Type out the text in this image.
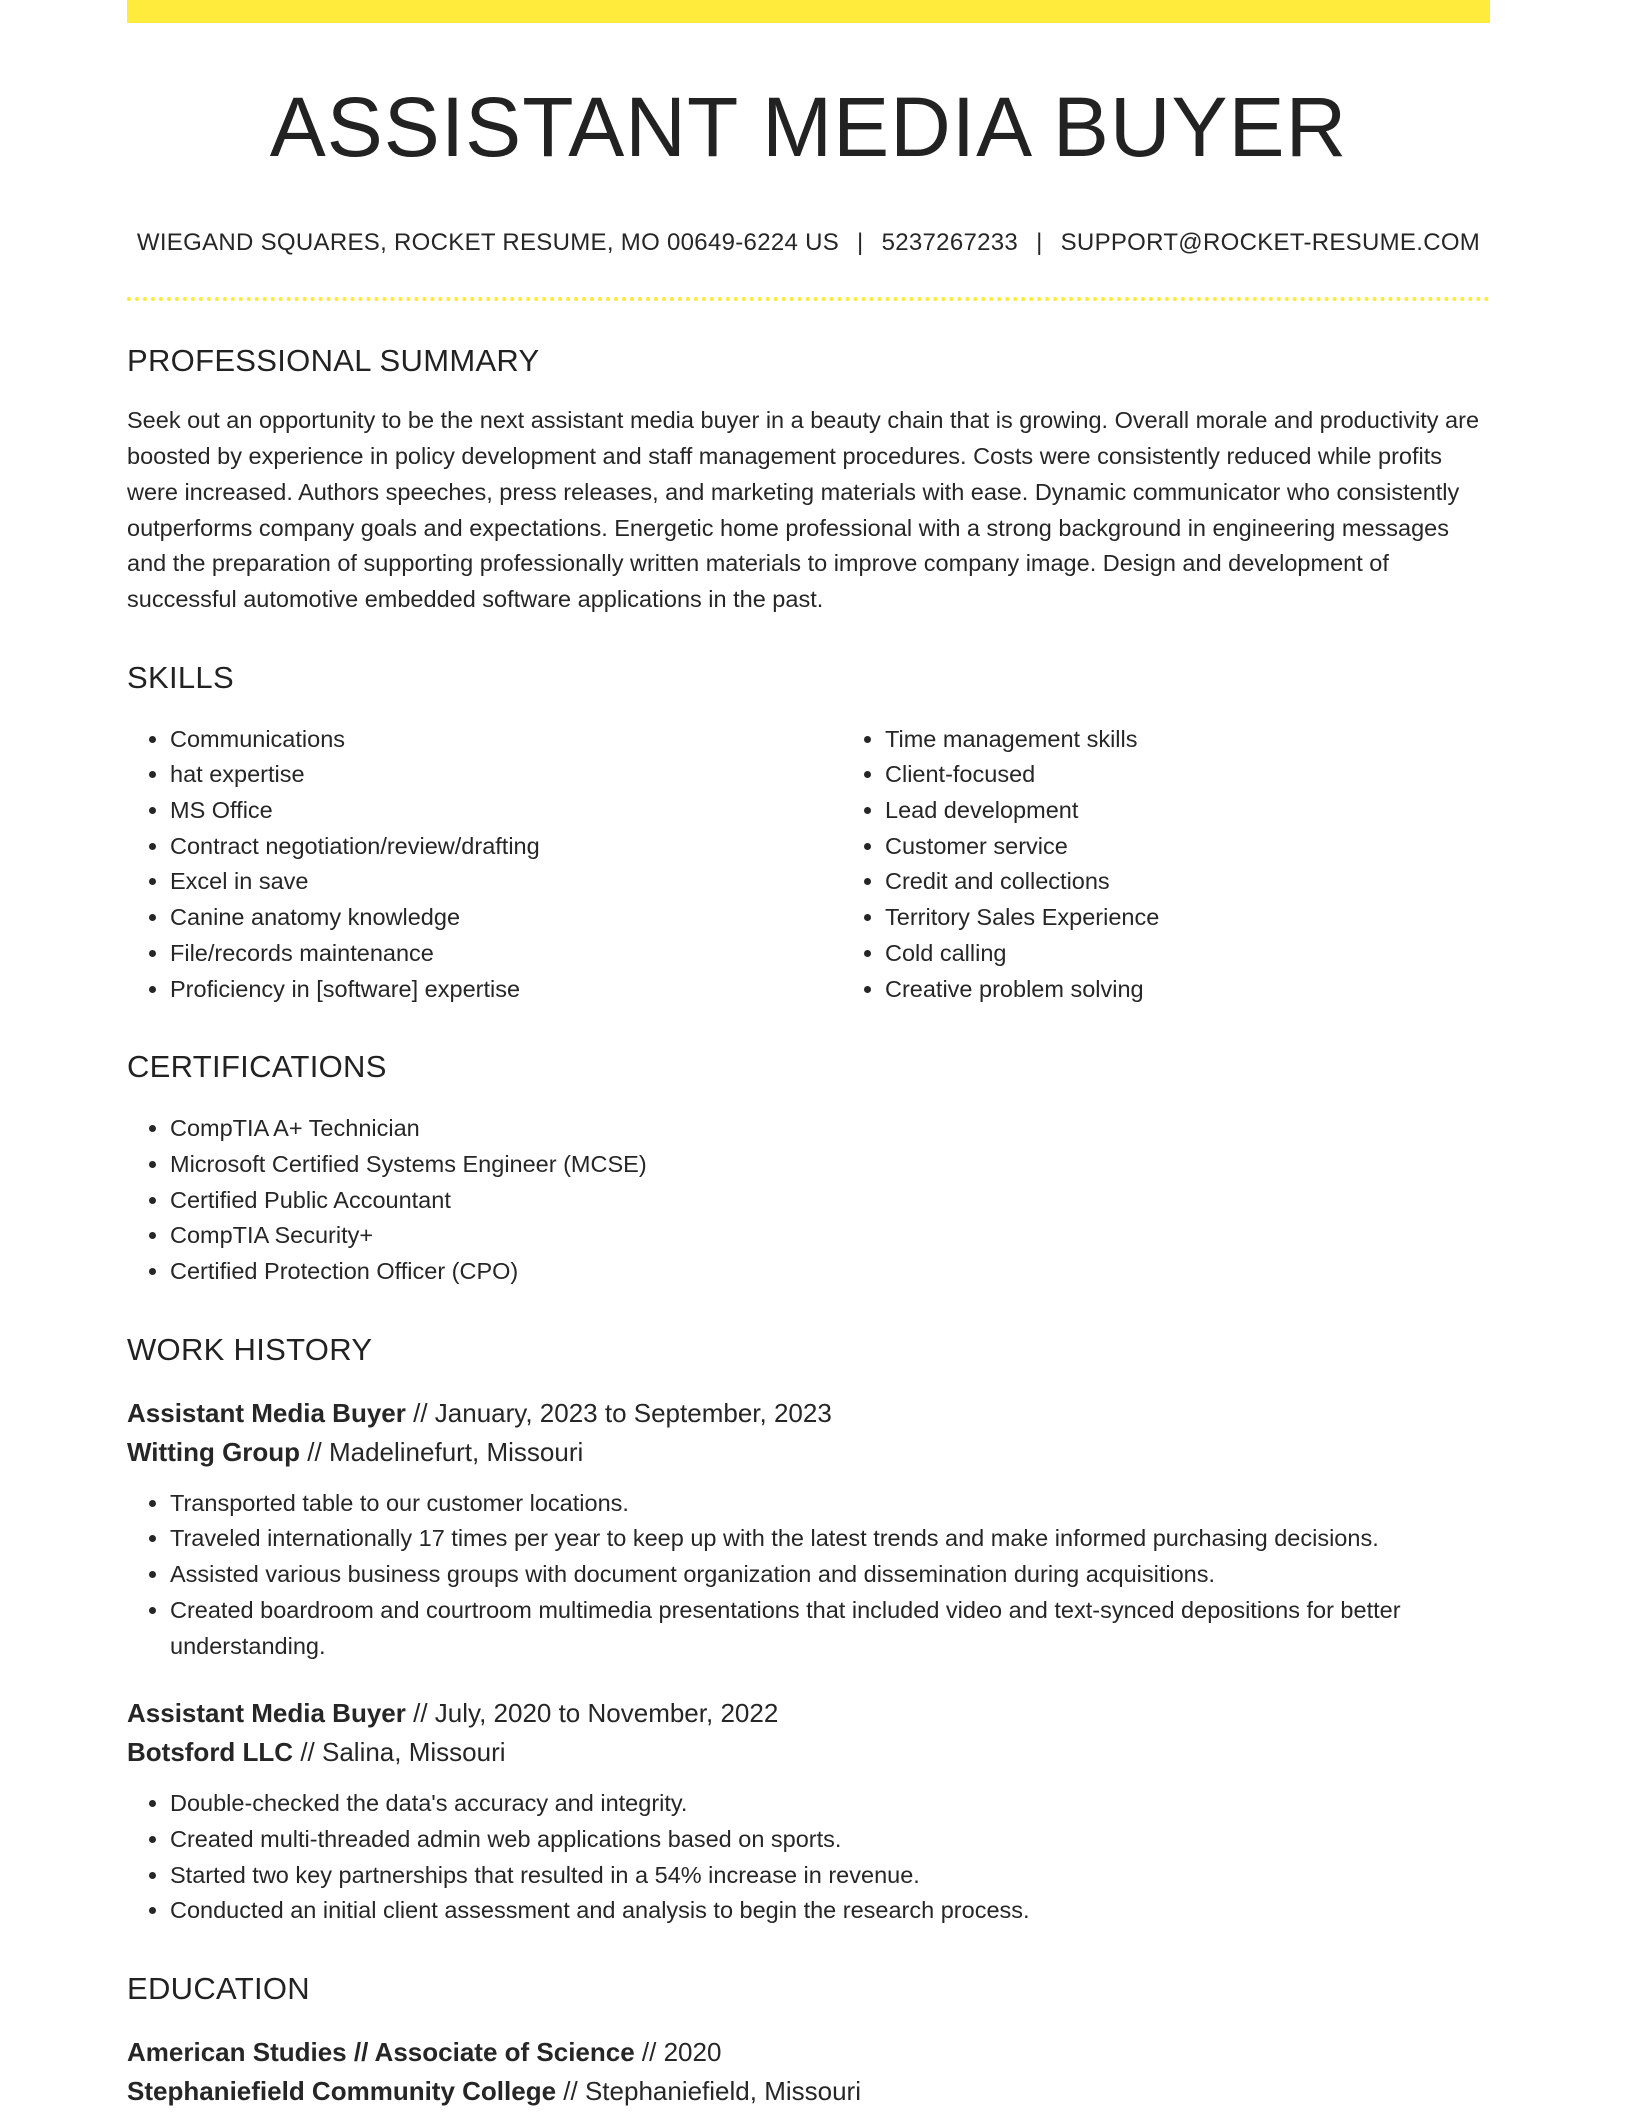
ASSISTANT MEDIA BUYER
WIEGAND SQUARES, ROCKET RESUME, MO 00649-6224 US | 5237267233 | SUPPORT@ROCKET-RESUME.COM
PROFESSIONAL SUMMARY
Seek out an opportunity to be the next assistant media buyer in a beauty chain that is growing. Overall morale and productivity are boosted by experience in policy development and staff management procedures. Costs were consistently reduced while profits were increased. Authors speeches, press releases, and marketing materials with ease. Dynamic communicator who consistently outperforms company goals and expectations. Energetic home professional with a strong background in engineering messages and the preparation of supporting professionally written materials to improve company image. Design and development of successful automotive embedded software applications in the past.
SKILLS
• Communications
• hat expertise
• MS Office
• Contract negotiation/review/drafting
• Excel in save
• Canine anatomy knowledge
• File/records maintenance
• Proficiency in [software] expertise
• Time management skills
• Client-focused
• Lead development
• Customer service
• Credit and collections
• Territory Sales Experience
• Cold calling
• Creative problem solving
CERTIFICATIONS
• CompTIA A+ Technician
• Microsoft Certified Systems Engineer (MCSE)
• Certified Public Accountant
• CompTIA Security+
• Certified Protection Officer (CPO)
WORK HISTORY
Assistant Media Buyer // January, 2023 to September, 2023
Witting Group // Madelinefurt, Missouri
• Transported table to our customer locations.
• Traveled internationally 17 times per year to keep up with the latest trends and make informed purchasing decisions.
• Assisted various business groups with document organization and dissemination during acquisitions.
• Created boardroom and courtroom multimedia presentations that included video and text-synced depositions for better understanding.
Assistant Media Buyer // July, 2020 to November, 2022
Botsford LLC // Salina, Missouri
• Double-checked the data's accuracy and integrity.
• Created multi-threaded admin web applications based on sports.
• Started two key partnerships that resulted in a 54% increase in revenue.
• Conducted an initial client assessment and analysis to begin the research process.
EDUCATION
American Studies // Associate of Science // 2020
Stephaniefield Community College // Stephaniefield, Missouri
